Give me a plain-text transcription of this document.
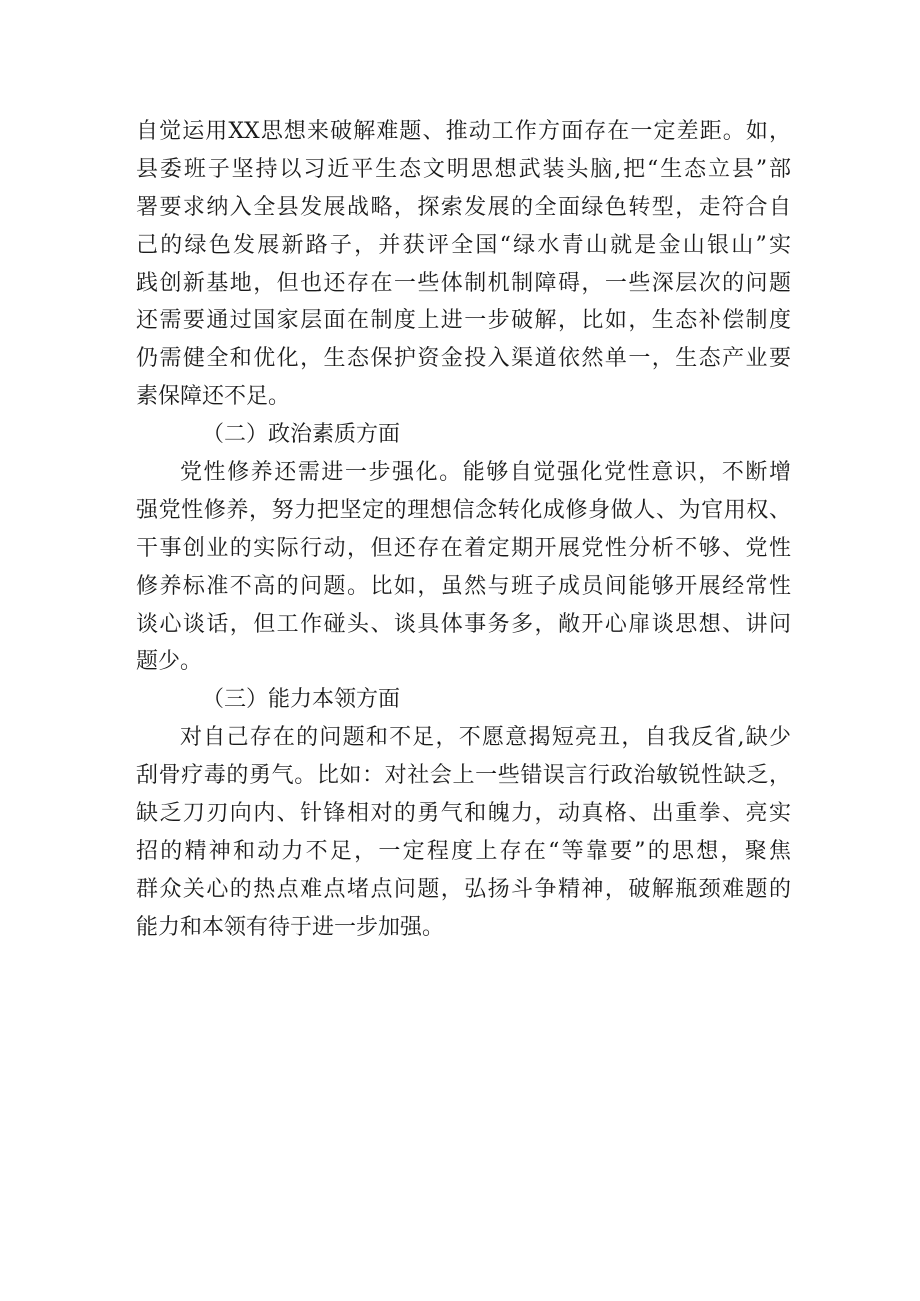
自觉运用XX思想来破解难题、推动工作方面存在一定差距。如，
县委班子坚持以习近平生态文明思想武装头脑,把“生态立县”部
署要求纳入全县发展战略，探索发展的全面绿色转型，走符合自
己的绿色发展新路子，并获评全国“绿水青山就是金山银山”实
践创新基地，但也还存在一些体制机制障碍，一些深层次的问题
还需要通过国家层面在制度上进一步破解，比如，生态补偿制度
仍需健全和优化，生态保护资金投入渠道依然单一，生态产业要
素保障还不足。
（二）政治素质方面
党性修养还需进一步强化。能够自觉强化党性意识，不断增
强党性修养，努力把坚定的理想信念转化成修身做人、为官用权、
干事创业的实际行动，但还存在着定期开展党性分析不够、党性
修养标准不高的问题。比如，虽然与班子成员间能够开展经常性
谈心谈话，但工作碰头、谈具体事务多，敞开心扉谈思想、讲问
题少。
（三）能力本领方面
对自己存在的问题和不足，不愿意揭短亮丑，自我反省,缺少
刮骨疗毒的勇气。比如：对社会上一些错误言行政治敏锐性缺乏，
缺乏刀刃向内、针锋相对的勇气和魄力，动真格、出重拳、亮实
招的精神和动力不足，一定程度上存在“等靠要”的思想，聚焦
群众关心的热点难点堵点问题，弘扬斗争精神，破解瓶颈难题的
能力和本领有待于进一步加强。
